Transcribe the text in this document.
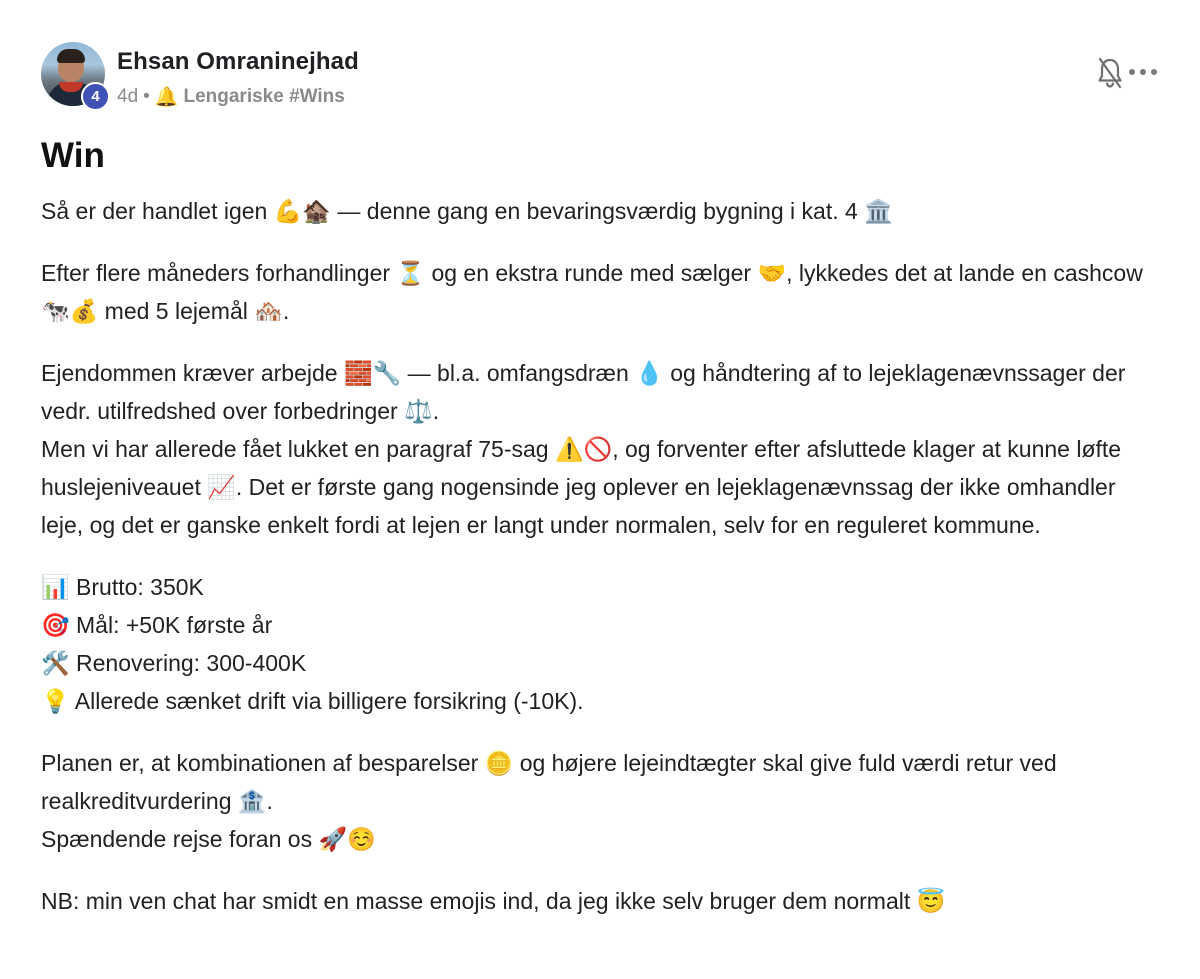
4
Ehsan Omraninejhad
4d • 🔔 Lengariske #Wins
Win

Så er der handlet igen 💪🏚️ — denne gang en bevaringsværdig bygning i kat. 4 🏛️

Efter flere måneders forhandlinger ⏳ og en ekstra runde med sælger 🤝, lykkedes det at lande en cashcow 🐄💰 med 5 lejemål 🏘️.

Ejendommen kræver arbejde 🧱🔧 — bl.a. omfangsdræn 💧 og håndtering af to lejeklagenævnssager der vedr. utilfredshed over forbedringer ⚖️.

Men vi har allerede fået lukket en paragraf 75-sag ⚠️🚫, og forventer efter afsluttede klager at kunne løfte huslejeniveauet 📈. Det er første gang nogensinde jeg oplever en lejeklagenævnssag der ikke omhandler leje, og det er ganske enkelt fordi at lejen er langt under normalen, selv for en reguleret kommune.

📊 Brutto: 350K

🎯 Mål: +50K første år

🛠️ Renovering: 300-400K

💡 Allerede sænket drift via billigere forsikring (-10K).

Planen er, at kombinationen af besparelser 🪙 og højere lejeindtægter skal give fuld værdi retur ved realkreditvurdering 🏦.

Spændende rejse foran os 🚀☺️

NB: min ven chat har smidt en masse emojis ind, da jeg ikke selv bruger dem normalt 😇
